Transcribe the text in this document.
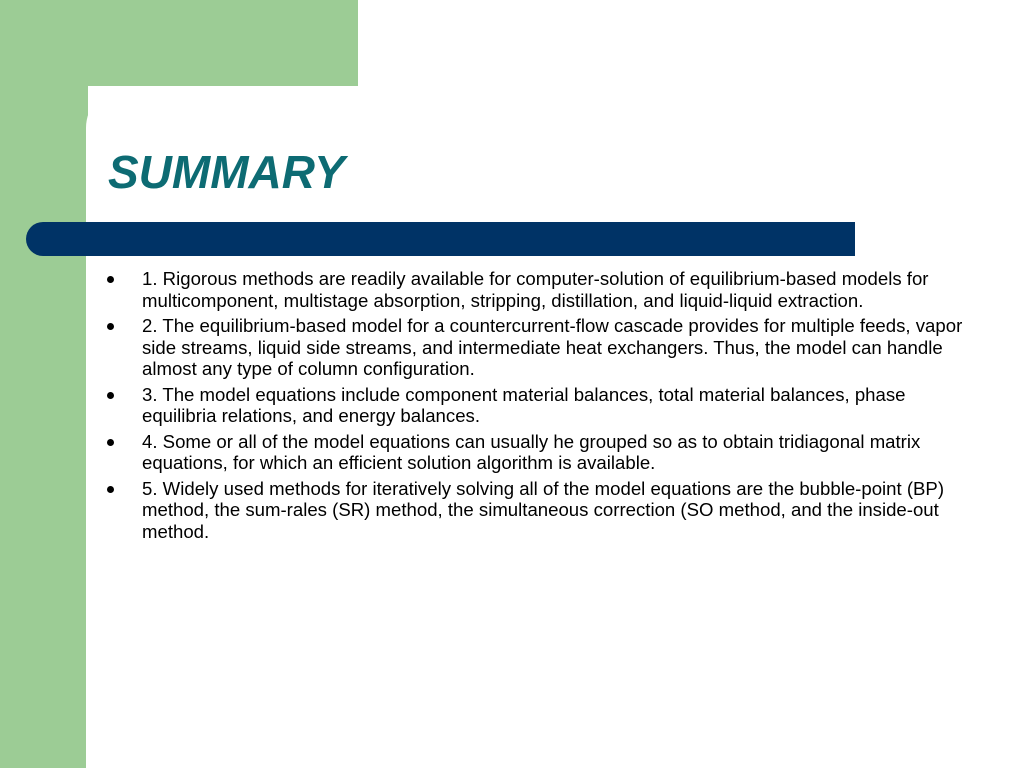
SUMMARY
1. Rigorous methods are readily available for computer-solution of equilibrium-based models for multicomponent, multistage absorption, stripping, distillation, and liquid-liquid extraction.
2. The equilibrium-based model for a countercurrent-flow cascade provides for multiple feeds, vapor side streams, liquid side streams, and intermediate heat exchangers. Thus, the model can handle almost any type of column configuration.
3. The model equations include component material balances, total material balances, phase equilibria relations, and energy balances.
4. Some or all of the model equations can usually he grouped so as to obtain tridiagonal matrix equations, for which an efficient solution algorithm is available.
5. Widely used methods for iteratively solving all of the model equations are the bubble-point (BP) method, the sum-rales (SR) method, the simultaneous correction (SO method, and the inside-out method.
